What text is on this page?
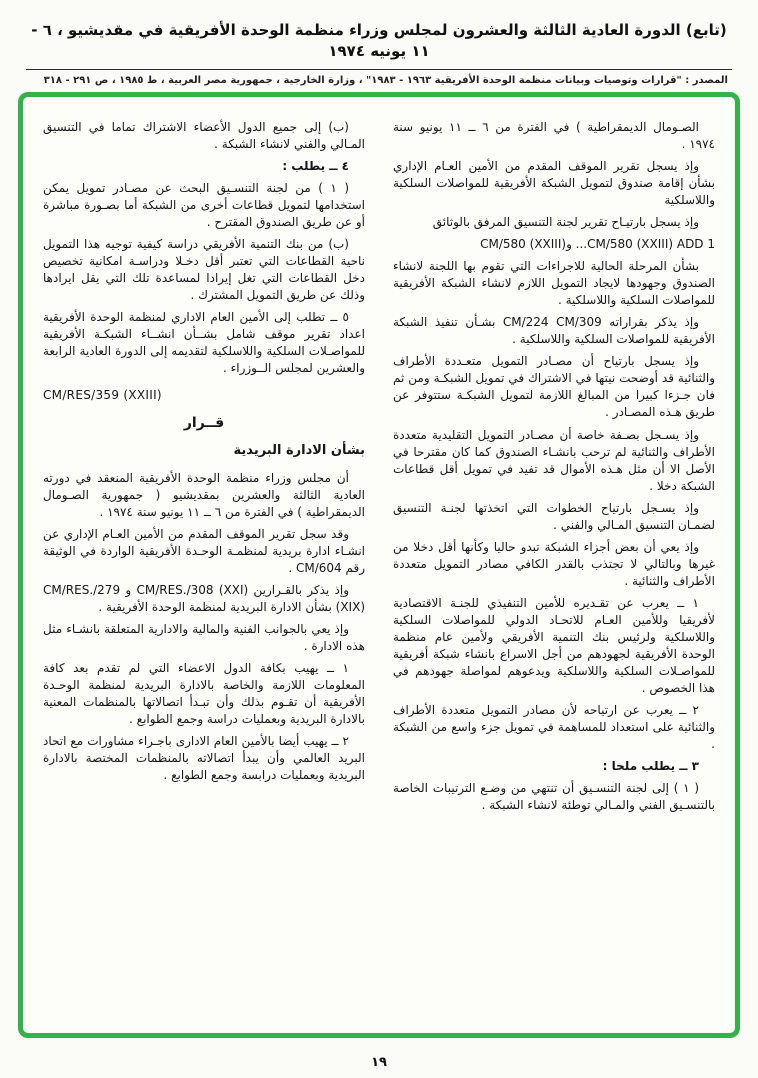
(تابع) الدورة العادية الثالثة والعشرون لمجلس وزراء منظمة الوحدة الأفريقية في مقديشيو ، ٦ - ١١ يونيه ١٩٧٤
المصدر : "قرارات وتوصيات وبيانات منظمة الوحدة الأفريقية ١٩٦٣ - ١٩٨٣" ، وزارة الخارجية ، جمهورية مصر العربية ، ط ١٩٨٥ ، ص ٢٩١ - ٣١٨

الصـومال الديمقراطية ) في الفترة من ٦ ــ ١١ يونيو سنة ١٩٧٤ .

وإذ يسجل تقرير الموقف المقدم من الأمين العـام الإداري بشأن إقامة صندوق لتمويل الشبكة الأفريقية للمواصلات السلكية واللاسلكية

وإذ يسجل بارتيـاح تقرير لجنة التنسيق المرفق بالوثائق

CM/580 (XXIII) ADD 1... وCM/580 (XXIII)

بشأن المرحلة الحالية للاجراءات التي تقوم بها اللجنة لانشاء الصندوق وجهودها لايجاد التمويل اللازم لانشاء الشبكة الأفريقية للمواصلات السلكية واللاسلكية .

وإذ يذكر بقراراته CM/224 CM/309 بشـأن تنفيذ الشبكة الأفريقية للمواصلات السلكية واللاسلكية .

وإذ يسجل بارتياح أن مصـادر التمويل متعـددة الأطراف والثنائية قد أوضحت نيتها في الاشتراك في تمويل الشبكـة ومن ثم فان جـزءا كبيرا من المبالغ اللازمة لتمويل الشبكـة ستتوفر عن طريق هـذه المصـادر .

وإذ يسـجل بصـفة خاصة أن مصـادر التمويل التقليدية متعددة الأطراف والثنائية لم ترحب بانشـاء الصندوق كما كان مقترحا في الأصل الا أن مثل هـذه الأموال قد تفيد في تمويل أقل قطاعات الشبكة دخلا .

وإذ يسـجل بارتياح الخطوات التي اتخذتها لجنـة التنسيق لضمـان التنسيق المـالي والفني .

وإذ يعي أن بعض أجزاء الشبكة تبدو حاليا وكأنها أقل دخلا من غيرها وبالتالي لا تجتذب بالقدر الكافي مصادر التمويل متعددة الأطراف والثنائية .

١ ــ يعرب عن تقـديره للأمين التنفيذي للجنـة الاقتصادية لأفريقيا وللأمين العـام للاتحـاد الدولي للمواصلات السلكية واللاسلكية ولرئيس بنك التنمية الأفريقي ولأمين عام منظمة الوحدة الأفريقية لجهودهم من أجل الاسراع بانشاء شبكة أفريقية للمواصـلات السلكية واللاسلكية ويدعوهم لمواصلة جهودهم في هذا الخصوص .

٢ ــ يعرب عن ارتياحه لأن مصادر التمويل متعددة الأطراف والثنائية على استعداد للمساهمة في تمويل جزء واسع من الشبكة .

٣ ــ يطلب ملحا :

( ١ ) إلى لجنة التنسـيق أن تنتهي من وضـع الترتيبات الخاصة بالتنسـيق الفني والمـالي توطئة لانشاء الشبكة .

(ب) إلى جميع الدول الأعضاء الاشتراك تماما في التنسيق المـالي والفني لانشاء الشبكة .

٤ ــ يطلب :

( ١ ) من لجنة التنسـيق البحث عن مصـادر تمويل يمكن استخدامها لتمويل قطاعات أخرى من الشبكة أما بصـورة مباشرة أو عن طريق الصندوق المقترح .

(ب) من بنك التنمية الأفريقي دراسة كيفية توجيه هذا التمويل ناحية القطاعات التي تعتبر أقل دخـلا ودراسـة امكانية تخصيص دخل القطاعات التي تغل إيرادا لمساعدة تلك التي يقل ايرادها وذلك عن طريق التمويل المشترك .

٥ ــ تطلب إلى الأمين العام الاداري لمنظمة الوحدة الأفريقية اعداد تقرير موقف شامل بشــأن انشــاء الشبكـة الأفريقية للمواصـلات السلكية واللاسلكية لتقديمه إلى الدورة العادية الرابعة والعشرين لمجلس الــوزراء .

CM/RES/359 (XXIII)

قــرار

بشأن الادارة البريدية

أن مجلس وزراء منظمة الوحدة الأفريقية المنعقد في دورته العادية الثالثة والعشرين بمقديشيو ( جمهورية الصـومال الديمقراطية ) في الفترة من ٦ ــ ١١ يونيو سنة ١٩٧٤ .

وقد سجل تقرير الموقف المقدم من الأمين العـام الإداري عن انشـاء ادارة بريدية لمنظمـة الوحـدة الأفريقية الواردة في الوثيقة رقم CM/604 .

وإذ يذكر بالقـرارين CM/RES./308 (XXI) و CM/RES./279 (XIX) بشأن الادارة البريدية لمنظمة الوحدة الأفريقية .

وإذ يعي بالجوانب الفنية والمالية والادارية المتعلقة بانشـاء مثل هذه الادارة .

١ ــ يهيب بكافة الدول الاعضاء التي لم تقدم بعد كافة المعلومات اللازمة والخاصة بالادارة البريدية لمنظمة الوحـدة الأفريقية أن تقـوم بذلك وأن تبـدأ اتصالاتها بالمنظمات المعنية بالادارة البريدية وبعمليات دراسة وجمع الطوابع .

٢ ــ يهيب أيضا بالأمين العام الادارى باجـراء مشاورات مع اتحاد البريد العالمي وأن يبدأ اتصالاته بالمنظمات المختصة بالادارة البريدية وبعمليات درابسة وجمع الطوابع .

١٩
